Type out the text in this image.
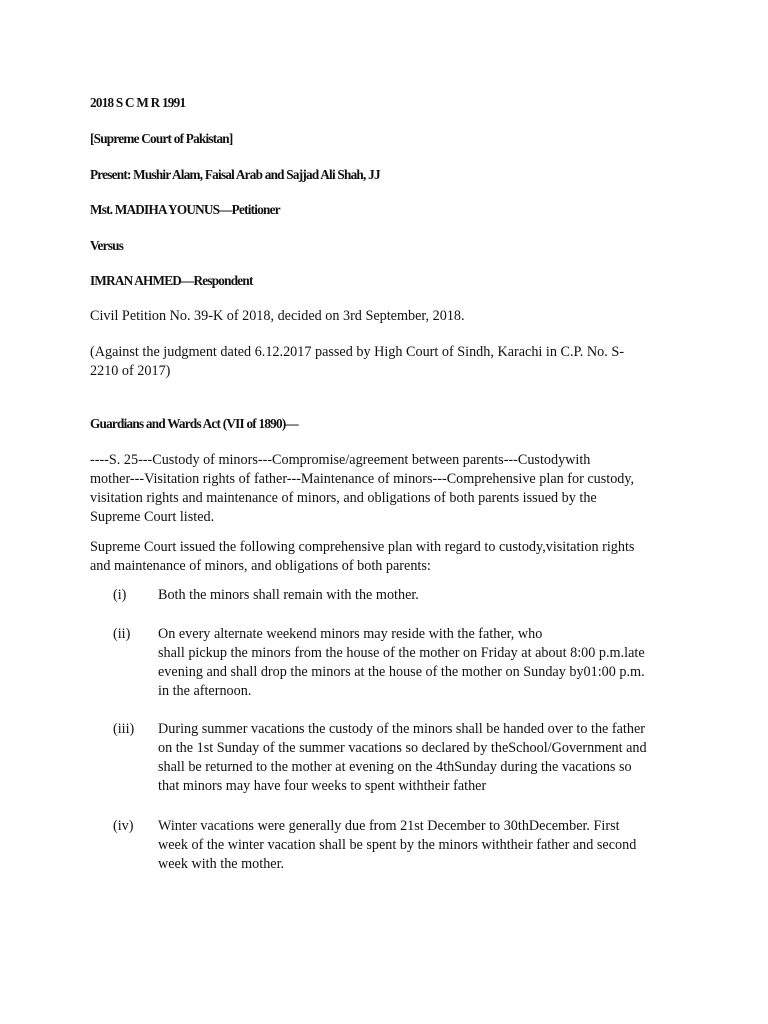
2018 S C M R 1991
[Supreme Court of Pakistan]
Present: Mushir Alam, Faisal Arab and Sajjad Ali Shah, JJ
Mst. MADIHA YOUNUS—Petitioner
Versus
IMRAN AHMED—Respondent
Civil Petition No. 39-K of 2018, decided on 3rd September, 2018.
(Against the judgment dated 6.12.2017 passed by High Court of Sindh, Karachi in C.P. No. S-
2210 of 2017)
Guardians and Wards Act (VII of 1890)—
----S. 25---Custody of minors---Compromise/agreement between parents---Custodywith
mother---Visitation rights of father---Maintenance of minors---Comprehensive plan for custody,
visitation rights and maintenance of minors, and obligations of both parents issued by the
Supreme Court listed.
Supreme Court issued the following comprehensive plan with regard to custody,visitation rights
and maintenance of minors, and obligations of both parents:
(i) Both the minors shall remain with the mother.
(ii) On every alternate weekend minors may reside with the father, who
shall pickup the minors from the house of the mother on Friday at about 8:00 p.m.late
evening and shall drop the minors at the house of the mother on Sunday by01:00 p.m.
in the afternoon.
(iii) During summer vacations the custody of the minors shall be handed over to the father
on the 1st Sunday of the summer vacations so declared by theSchool/Government and
shall be returned to the mother at evening on the 4thSunday during the vacations so
that minors may have four weeks to spent withtheir father
(iv) Winter vacations were generally due from 21st December to 30thDecember. First
week of the winter vacation shall be spent by the minors withtheir father and second
week with the mother.
